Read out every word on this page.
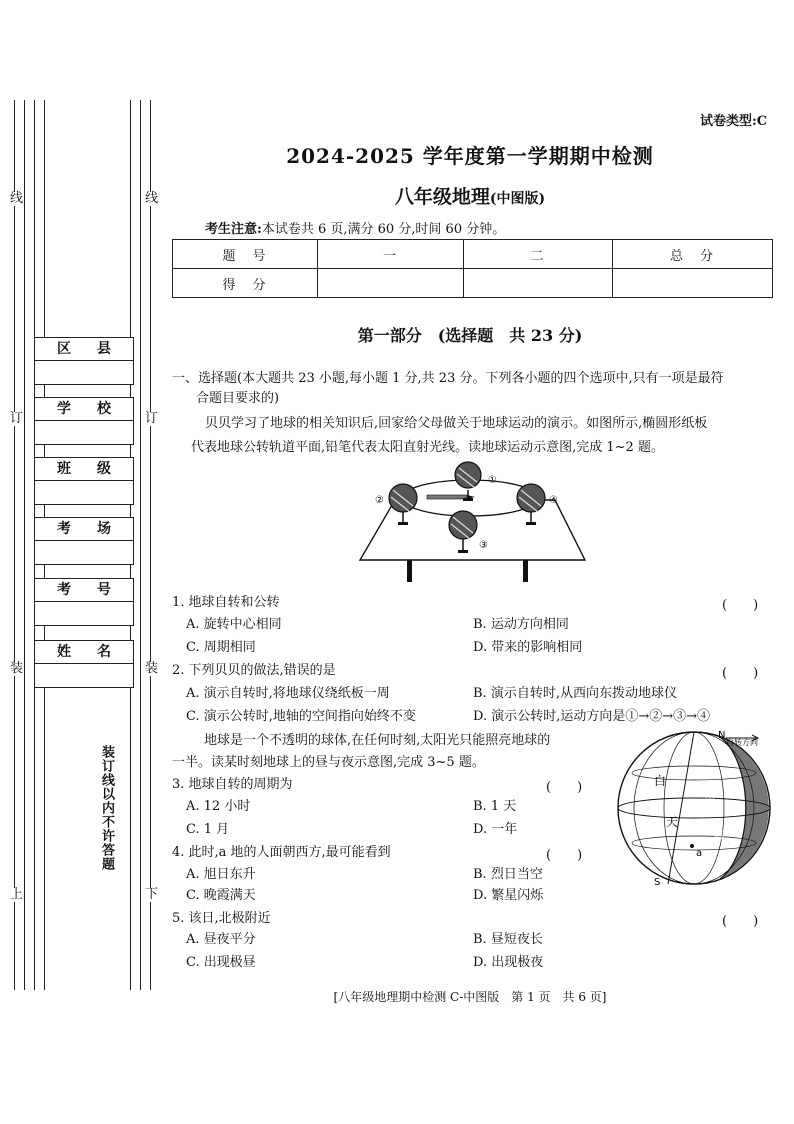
线	线
订	订
装	装
上	下
区 县
学 校
班 级
考 场
考 号
姓 名
装订线以内不许答题
试卷类型:C
2024-2025 学年度第一学期期中检测
八年级地理(中图版)
考生注意:本试卷共 6 页,满分 60 分,时间 60 分钟。
题　号	一	二	总　分
得　分			
第一部分　(选择题　共 23 分)
一、选择题(本大题共 23 小题,每小题 1 分,共 23 分。下列各小题的四个选项中,只有一项是最符
合题目要求的)
贝贝学习了地球的相关知识后,回家给父母做关于地球运动的演示。如图所示,椭圆形纸板
代表地球公转轨道平面,铅笔代表太阳直射光线。读地球运动示意图,完成 1~2 题。
①
②
③
④
1. 地球自转和公转	(　　)
A. 旋转中心相同	B. 运动方向相同
C. 周期相同	D. 带来的影响相同
2. 下列贝贝的做法,错误的是	(　　)
A. 演示自转时,将地球仪绕纸板一周	B. 演示自转时,从西向东拨动地球仪
C. 演示公转时,地轴的空间指向始终不变	D. 演示公转时,运动方向是①→②→③→④
地球是一个不透明的球体,在任何时刻,太阳光只能照亮地球的
一半。读某时刻地球上的昼与夜示意图,完成 3~5 题。
N
自转方向
S
白
天
黑
夜
a
3. 地球自转的周期为	(　　)
A. 12 小时	B. 1 天
C. 1 月	D. 一年
4. 此时,a 地的人面朝西方,最可能看到	(　　)
A. 旭日东升	B. 烈日当空
C. 晚霞满天	D. 繁星闪烁
5. 该日,北极附近	(　　)
A. 昼夜平分	B. 昼短夜长
C. 出现极昼	D. 出现极夜
[八年级地理期中检测 C-中图版　第 1 页　共 6 页]
